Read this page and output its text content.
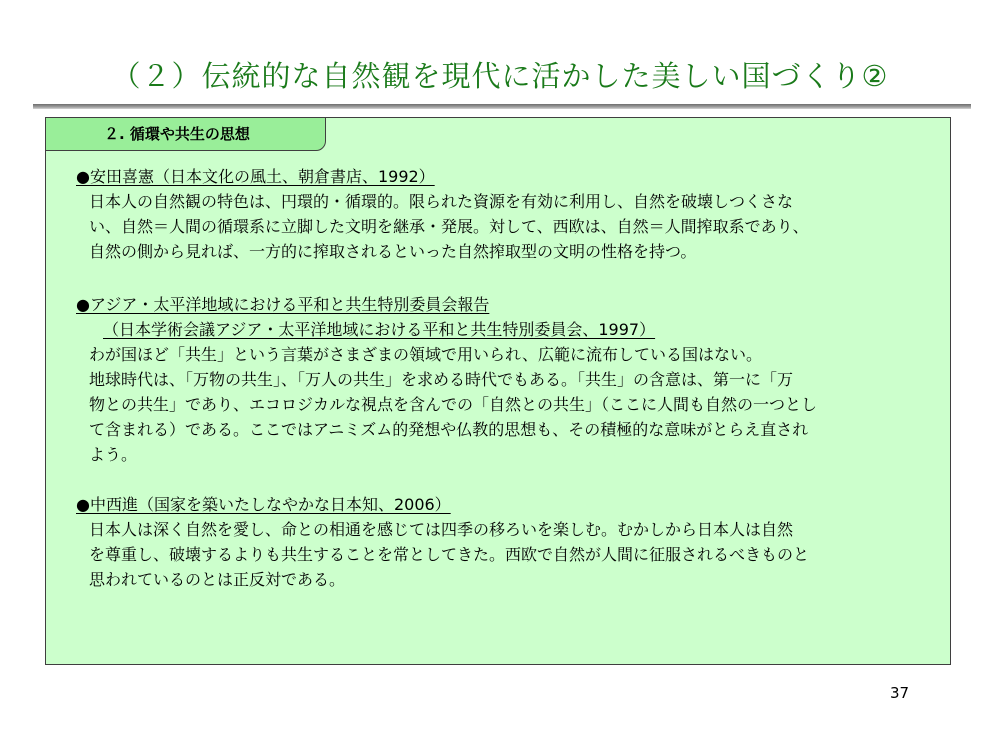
（２）伝統的な自然観を現代に活かした美しい国づくり②
２. 循環や共生の思想
●安田喜憲（日本文化の風土、朝倉書店、1992）
日本人の自然観の特色は、円環的・循環的。限られた資源を有効に利用し、自然を破壊しつくさな
い、自然＝人間の循環系に立脚した文明を継承・発展。対して、西欧は、自然＝人間搾取系であり、
自然の側から見れば、一方的に搾取されるといった自然搾取型の文明の性格を持つ。
●アジア・太平洋地域における平和と共生特別委員会報告
（日本学術会議アジア・太平洋地域における平和と共生特別委員会、1997）
わが国ほど「共生」という言葉がさまざまの領域で用いられ、広範に流布している国はない。
地球時代は、「万物の共生」、「万人の共生」を求める時代でもある。「共生」の含意は、第一に「万
物との共生」であり、エコロジカルな視点を含んでの「自然との共生」（ここに人間も自然の一つとし
て含まれる）である。ここではアニミズム的発想や仏教的思想も、その積極的な意味がとらえ直され
よう。
●中西進（国家を築いたしなやかな日本知、2006）
日本人は深く自然を愛し、命との相通を感じては四季の移ろいを楽しむ。むかしから日本人は自然
を尊重し、破壊するよりも共生することを常としてきた。西欧で自然が人間に征服されるべきものと
思われているのとは正反対である。
37
